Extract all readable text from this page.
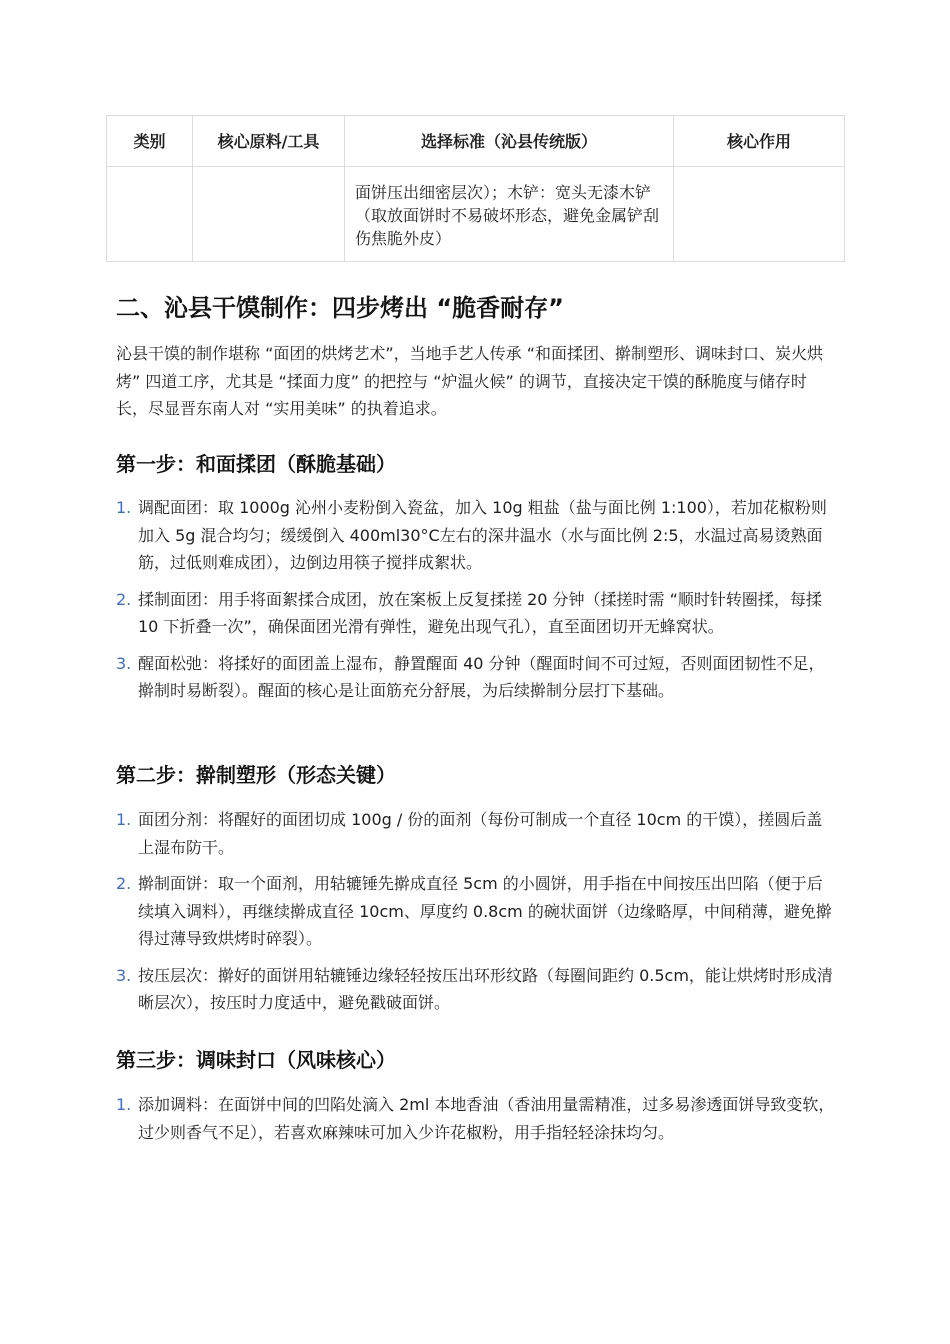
类别	核心原料/工具	选择标准（沁县传统版）	核心作用
		面饼压出细密层次）；木铲：宽头无漆木铲（取放面饼时不易破坏形态，避免金属铲刮伤焦脆外皮）	
二、沁县干馍制作：四步烤出 “脆香耐存”

沁县干馍的制作堪称 “面团的烘烤艺术”，当地手艺人传承 “和面揉团、擀制塑形、调味封口、炭火烘烤” 四道工序，尤其是 “揉面力度” 的把控与 “炉温火候” 的调节，直接决定干馍的酥脆度与储存时长，尽显晋东南人对 “实用美味” 的执着追求。

第一步：和面揉团（酥脆基础）
1. 调配面团：取 1000g 沁州小麦粉倒入瓷盆，加入 10g 粗盐（盐与面比例 1:100），若加花椒粉则加入 5g 混合均匀；缓缓倒入 400ml30°C左右的深井温水（水与面比例 2:5，水温过高易烫熟面筋，过低则难成团），边倒边用筷子搅拌成絮状。
2. 揉制面团：用手将面絮揉合成团，放在案板上反复揉搓 20 分钟（揉搓时需 “顺时针转圈揉，每揉 10 下折叠一次”，确保面团光滑有弹性，避免出现气孔），直至面团切开无蜂窝状。
3. 醒面松弛：将揉好的面团盖上湿布，静置醒面 40 分钟（醒面时间不可过短，否则面团韧性不足，擀制时易断裂）。醒面的核心是让面筋充分舒展，为后续擀制分层打下基础。
第二步：擀制塑形（形态关键）
1. 面团分剂：将醒好的面团切成 100g / 份的面剂（每份可制成一个直径 10cm 的干馍），搓圆后盖上湿布防干。
2. 擀制面饼：取一个面剂，用轱辘锤先擀成直径 5cm 的小圆饼，用手指在中间按压出凹陷（便于后续填入调料），再继续擀成直径 10cm、厚度约 0.8cm 的碗状面饼（边缘略厚，中间稍薄，避免擀得过薄导致烘烤时碎裂）。
3. 按压层次：擀好的面饼用轱辘锤边缘轻轻按压出环形纹路（每圈间距约 0.5cm，能让烘烤时形成清晰层次），按压时力度适中，避免戳破面饼。
第三步：调味封口（风味核心）
1. 添加调料：在面饼中间的凹陷处滴入 2ml 本地香油（香油用量需精准，过多易渗透面饼导致变软，过少则香气不足），若喜欢麻辣味可加入少许花椒粉，用手指轻轻涂抹均匀。
